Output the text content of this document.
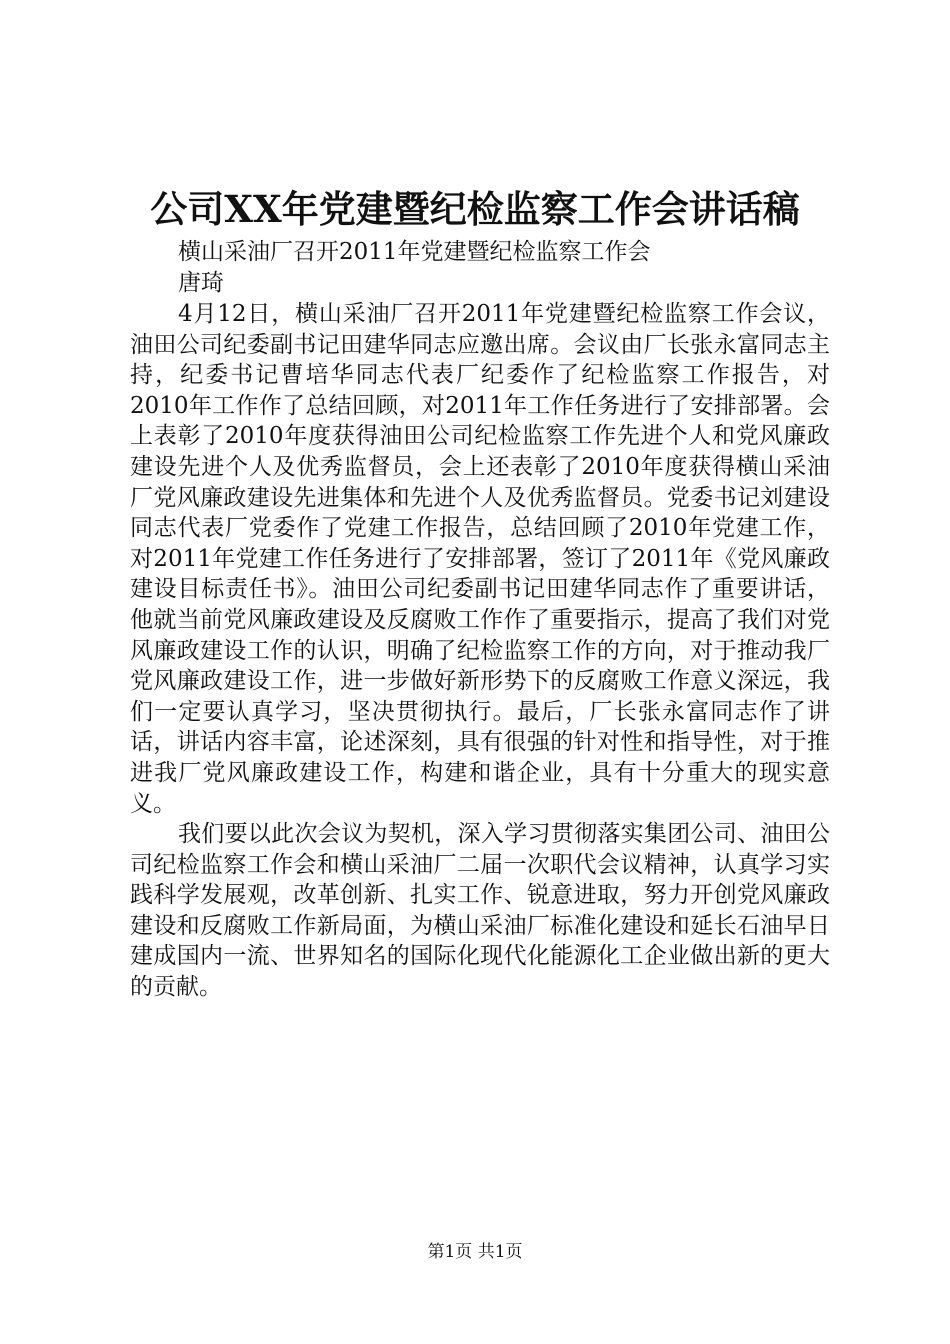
公司XX年党建暨纪检监察工作会讲话稿
横山采油厂召开2011年党建暨纪检监察工作会
唐琦

4月12日，横山采油厂召开2011年党建暨纪检监察工作会议，油田公司纪委副书记田建华同志应邀出席。会议由厂长张永富同志主持，纪委书记曹培华同志代表厂纪委作了纪检监察工作报告，对2010年工作作了总结回顾，对2011年工作任务进行了安排部署。会上表彰了2010年度获得油田公司纪检监察工作先进个人和党风廉政建设先进个人及优秀监督员，会上还表彰了2010年度获得横山采油厂党风廉政建设先进集体和先进个人及优秀监督员。党委书记刘建设同志代表厂党委作了党建工作报告，总结回顾了2010年党建工作，对2011年党建工作任务进行了安排部署，签订了2011年《党风廉政建设目标责任书》。油田公司纪委副书记田建华同志作了重要讲话，他就当前党风廉政建设及反腐败工作作了重要指示，提高了我们对党风廉政建设工作的认识，明确了纪检监察工作的方向，对于推动我厂党风廉政建设工作，进一步做好新形势下的反腐败工作意义深远，我们一定要认真学习，坚决贯彻执行。最后，厂长张永富同志作了讲话，讲话内容丰富，论述深刻，具有很强的针对性和指导性，对于推进我厂党风廉政建设工作，构建和谐企业，具有十分重大的现实意义。

我们要以此次会议为契机，深入学习贯彻落实集团公司、油田公司纪检监察工作会和横山采油厂二届一次职代会议精神，认真学习实践科学发展观，改革创新、扎实工作、锐意进取，努力开创党风廉政建设和反腐败工作新局面，为横山采油厂标准化建设和延长石油早日建成国内一流、世界知名的国际化现代化能源化工企业做出新的更大的贡献。

第1页 共1页
